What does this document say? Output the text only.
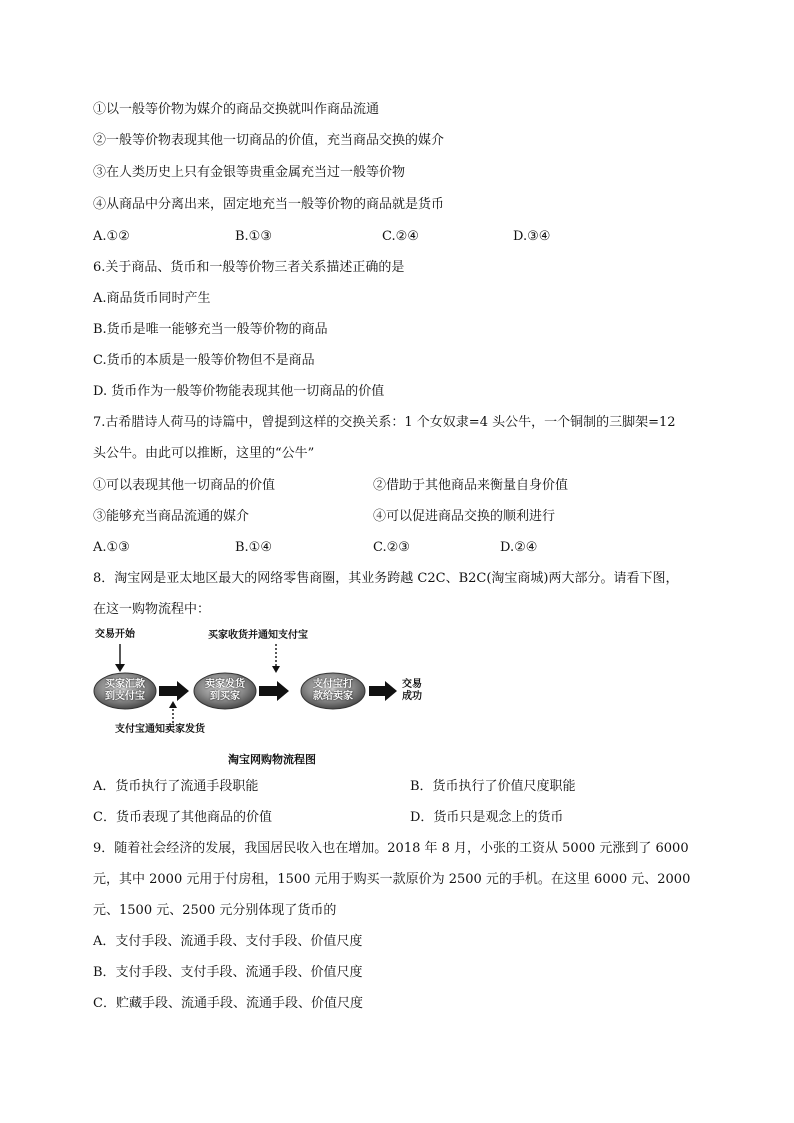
①以一般等价物为媒介的商品交换就叫作商品流通
②一般等价物表现其他一切商品的价值，充当商品交换的媒介
③在人类历史上只有金银等贵重金属充当过一般等价物
④从商品中分离出来，固定地充当一般等价物的商品就是货币
A.①②	B.①③	C.②④	D.③④
6.关于商品、货币和一般等价物三者关系描述正确的是
A.商品货币同时产生
B.货币是唯一能够充当一般等价物的商品
C.货币的本质是一般等价物但不是商品
D. 货币作为一般等价物能表现其他一切商品的价值
7.古希腊诗人荷马的诗篇中，曾提到这样的交换关系：1 个女奴隶=4 头公牛，一个铜制的三脚架=12
头公牛。由此可以推断，这里的“公牛”
①可以表现其他一切商品的价值	②借助于其他商品来衡量自身价值
③能够充当商品流通的媒介	④可以促进商品交换的顺利进行
A.①③	B.①④	C.②③	D.②④
8．淘宝网是亚太地区最大的网络零售商圈，其业务跨越 C2C、B2C(淘宝商城)两大部分。请看下图，
在这一购物流程中：
交易开始	买家收货并通知支付宝
支付宝通知卖家发货
买家汇款
到支付宝
卖家发货
到买家
支付宝打
款给卖家
交易
成功
淘宝网购物流程图
A．货币执行了流通手段职能	B．货币执行了价值尺度职能
C．货币表现了其他商品的价值	D．货币只是观念上的货币
9．随着社会经济的发展，我国居民收入也在增加。2018 年 8 月，小张的工资从 5000 元涨到了 6000
元，其中 2000 元用于付房租，1500 元用于购买一款原价为 2500 元的手机。在这里 6000 元、2000
元、1500 元、2500 元分别体现了货币的
A．支付手段、流通手段、支付手段、价值尺度
B．支付手段、支付手段、流通手段、价值尺度
C．贮藏手段、流通手段、流通手段、价值尺度
